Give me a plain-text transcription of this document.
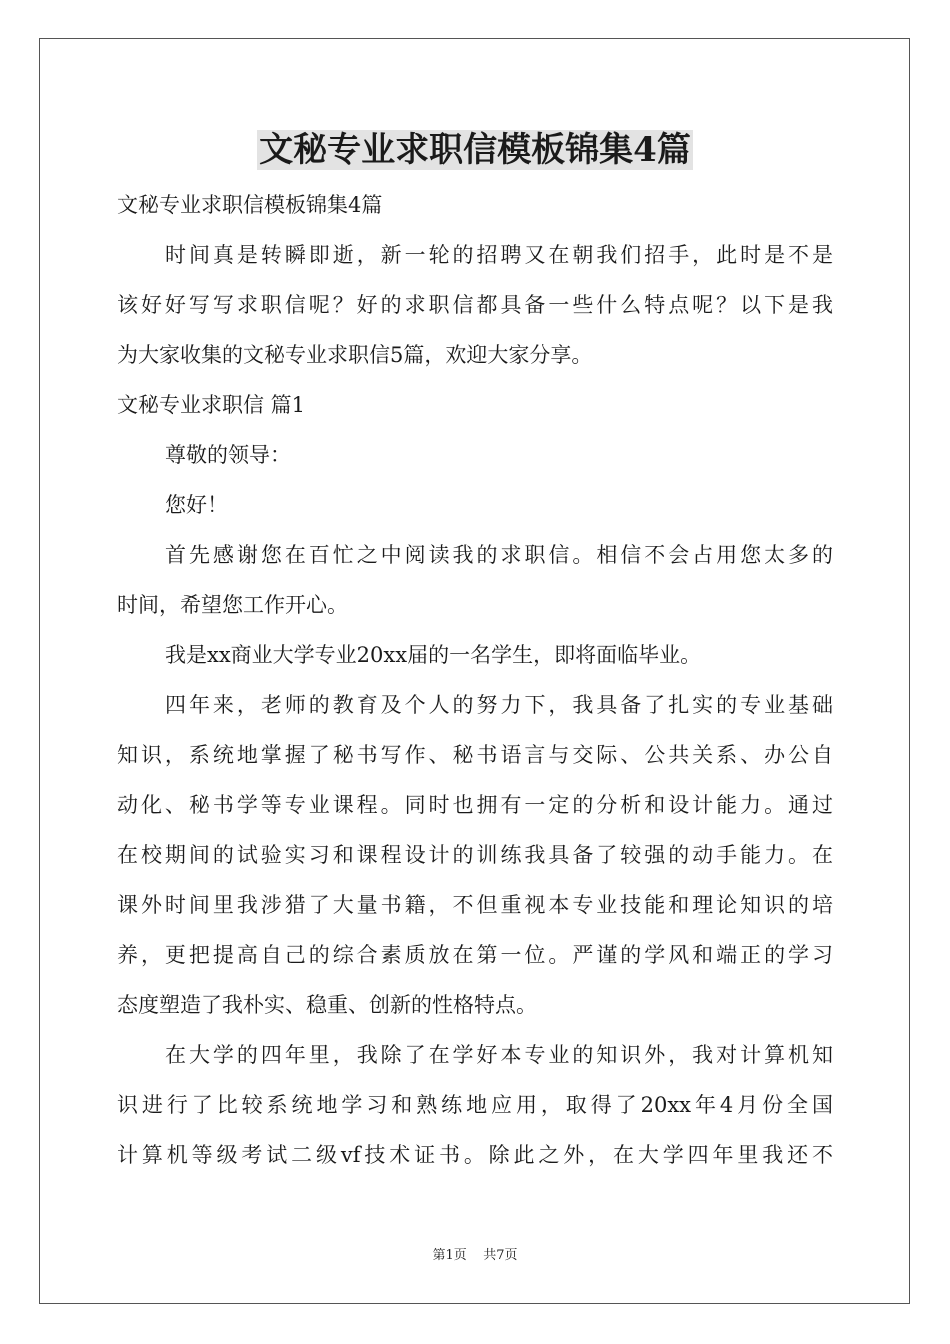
文秘专业求职信模板锦集4篇
文秘专业求职信模板锦集4篇
时间真是转瞬即逝，新一轮的招聘又在朝我们招手，此时是不是
该好好写写求职信呢？好的求职信都具备一些什么特点呢？以下是我
为大家收集的文秘专业求职信5篇，欢迎大家分享。
文秘专业求职信 篇1
尊敬的领导：
您好！
首先感谢您在百忙之中阅读我的求职信。相信不会占用您太多的
时间，希望您工作开心。
我是xx商业大学专业20xx届的一名学生，即将面临毕业。
四年来，老师的教育及个人的努力下，我具备了扎实的专业基础
知识，系统地掌握了秘书写作、秘书语言与交际、公共关系、办公自
动化、秘书学等专业课程。同时也拥有一定的分析和设计能力。通过
在校期间的试验实习和课程设计的训练我具备了较强的动手能力。在
课外时间里我涉猎了大量书籍，不但重视本专业技能和理论知识的培
养，更把提高自己的综合素质放在第一位。严谨的学风和端正的学习
态度塑造了我朴实、稳重、创新的性格特点。
在大学的四年里，我除了在学好本专业的知识外，我对计算机知
识进行了比较系统地学习和熟练地应用，取得了20xx年4月份全国
计算机等级考试二级vf技术证书。除此之外，在大学四年里我还不
第1页    共7页
